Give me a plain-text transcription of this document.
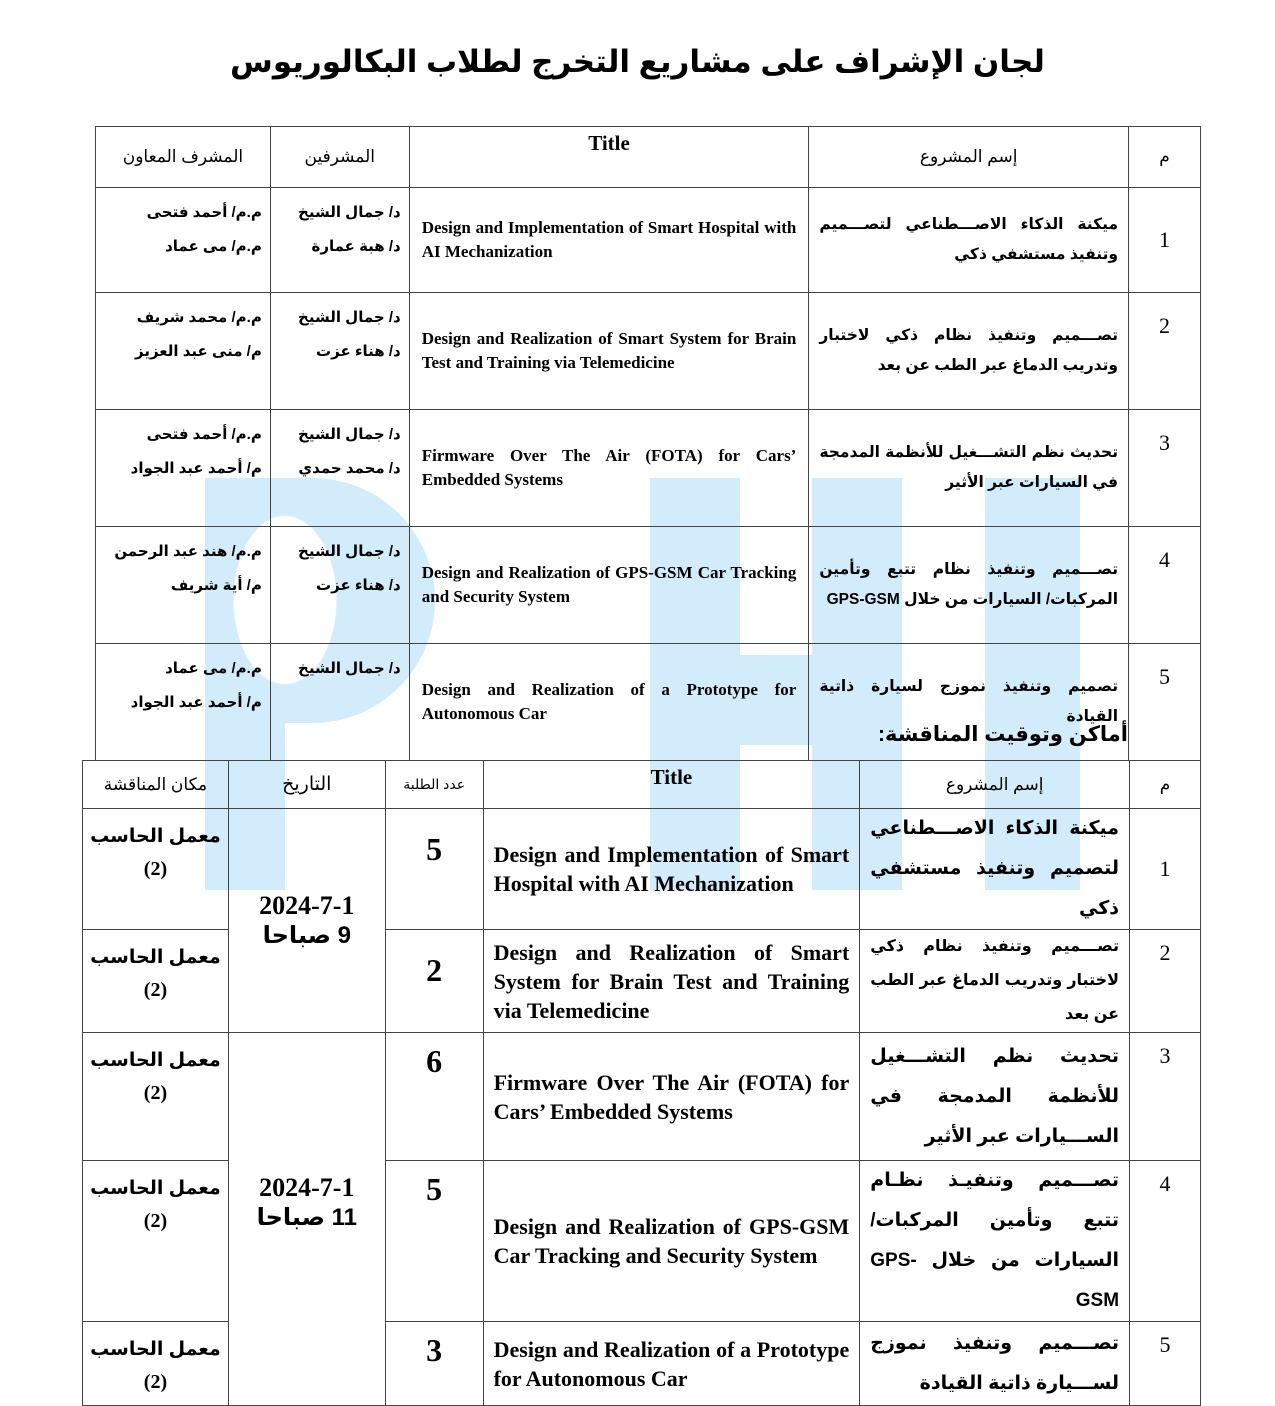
لجان الإشراف على مشاريع التخرج لطلاب البكالوريوس
المشرف المعاون	المشرفين	Title	إسم المشروع	م

م.م/ أحمد فتحى
م.م/ مى عماد	د/ جمال الشيخ
د/ هبة عمارة	Design and Implementation of Smart Hospital with AI Mechanization	ميكنة الذكاء الاصـــطناعي لتصـــميم وتنفيذ مستشفي ذكي	1

م.م/ محمد شريف
م/ منى عبد العزيز	د/ جمال الشيخ
د/ هناء عزت	Design and Realization of Smart System for Brain Test and Training via Telemedicine	تصـــميم وتنفيذ نظام ذكي لاختبار وتدريب الدماغ عبر الطب عن بعد	2

م.م/ أحمد فتحى
م/ أحمد عبد الجواد	د/ جمال الشيخ
د/ محمد حمدي	Firmware Over The Air (FOTA) for Cars’ Embedded Systems	تحديث نظم التشـــغيل للأنظمة المدمجة في السيارات عبر الأثير	3

م.م/ هند عبد الرحمن
م/ أية شريف	د/ جمال الشيخ
د/ هناء عزت	Design and Realization of GPS-GSM Car Tracking and Security System	تصـــميم وتنفيذ نظام تتبع وتأمين المركبات/ السيارات من خلال GPS-GSM	4

م.م/ مى عماد
م/ أحمد عبد الجواد	د/ جمال الشيخ	Design and Realization of a Prototype for Autonomous Car	تصميم وتنفيذ نموزج لسيارة ذاتية القيادة	5
أماكن وتوقيت المناقشة:
مكان المناقشة	التاريخ	عدد الطلبة	Title	إسم المشروع	م

معمل الحاسب
(2)	2024-7-1
9 صباحا	5	Design and Implementation of Smart Hospital with AI Mechanization	ميكنة الذكاء الاصـــطناعي لتصميم وتنفيذ مستشفي ذكي	1

معمل الحاسب
(2)		2	Design and Realization of Smart System for Brain Test and Training via Telemedicine	تصـــميم وتنفيذ نظام ذكي لاختبار وتدريب الدماغ عبر الطب عن بعد	2

معمل الحاسب
(2)	2024-7-1
11 صباحا	6	Firmware Over The Air (FOTA) for Cars’ Embedded Systems	تحديث نظم التشـــغيل للأنظمة المدمجة في الســـيارات عبر الأثير	3

معمل الحاسب
(2)		5	Design and Realization of GPS-GSM Car Tracking and Security System	تصـــميم وتنفيـذ نظـام تتبع وتأمين المركبات/ السيارات من خلال GPS-GSM	4

معمل الحاسب
(2)		3	Design and Realization of a Prototype for Autonomous Car	تصـــميم وتنفيذ نموزج لســـيارة ذاتية القيادة	5
